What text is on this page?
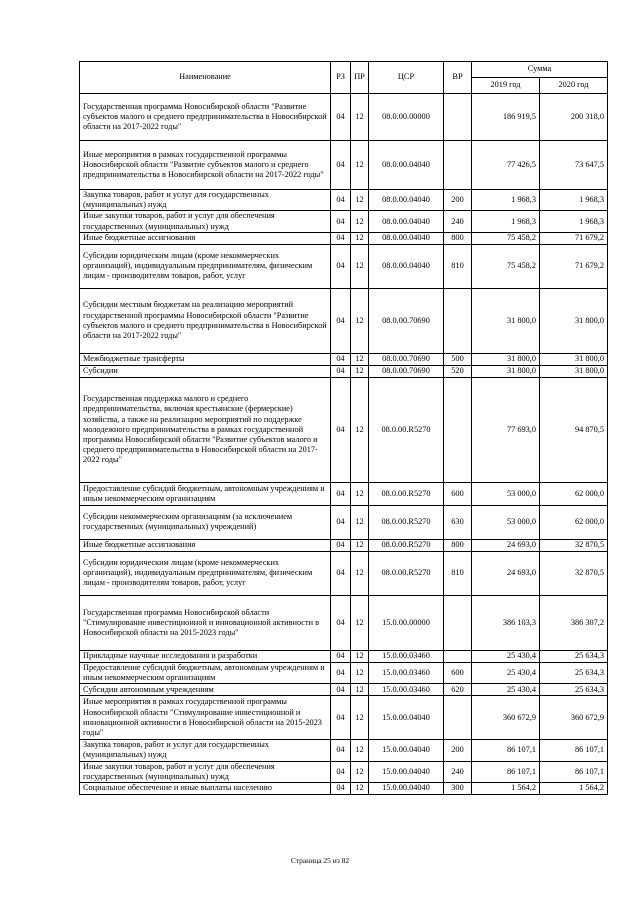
Наименование	РЗ	ПР	ЦСР	ВР	Сумма	
					2019 год	2020 год
Государственная программа Новосибирской области "Развитие субъектов малого и среднего предпринимательства в Новосибирской области на 2017-2022 годы"	04	12	08.0.00.00000		186 919,5	200 318,0
Иные мероприятия в рамках государственной программы Новосибирской области "Развитие субъектов малого и среднего предпринимательства в Новосибирской области на 2017-2022 годы"	04	12	08.0.00.04040		77 426,5	73 647,5
Закупка товаров, работ и услуг для государственных (муниципальных) нужд	04	12	08.0.00.04040	200	1 968,3	1 968,3
Иные закупки товаров, работ и услуг для обеспечения государственных (муниципальных) нужд	04	12	08.0.00.04040	240	1 968,3	1 968,3
Иные бюджетные ассигнования	04	12	08.0.00.04040	800	75 458,2	71 679,2
Субсидии юридическим лицам (кроме некоммерческих организаций), индивидуальным предпринимателям, физическим лицам - производителям товаров, работ, услуг	04	12	08.0.00.04040	810	75 458,2	71 679,2
Субсидии местным бюджетам на реализацию мероприятий государственной программы Новосибирской области "Развитие субъектов малого и среднего предпринимательства в Новосибирской области на 2017-2022 годы"	04	12	08.0.00.70690		31 800,0	31 800,0
Межбюджетные трансферты	04	12	08.0.00.70690	500	31 800,0	31 800,0
Субсидии	04	12	08.0.00.70690	520	31 800,0	31 800,0
Государственная поддержка малого и среднего предпринимательства, включая крестьянские (фермерские) хозяйства, а также на реализацию мероприятий по поддержке молодежного предпринимательства в рамках государственной программы Новосибирской области "Развитие субъектов малого и среднего предпринимательства в Новосибирской области на 2017-2022 годы"	04	12	08.0.00.R5270		77 693,0	94 870,5
Предоставление субсидий бюджетным, автономным учреждениям и иным некоммерческим организациям	04	12	08.0.00.R5270	600	53 000,0	62 000,0
Субсидии некоммерческим организациям (за исключением государственных (муниципальных) учреждений)	04	12	08.0.00.R5270	630	53 000,0	62 000,0
Иные бюджетные ассигнования	04	12	08.0.00.R5270	800	24 693,0	32 870,5
Субсидии юридическим лицам (кроме некоммерческих организаций), индивидуальным предпринимателям, физическим лицам - производителям товаров, работ, услуг	04	12	08.0.00.R5270	810	24 693,0	32 870,5
Государственная программа Новосибирской области "Стимулирование инвестиционной и инновационной активности в Новосибирской области на 2015-2023 годы"	04	12	15.0.00.00000		386 103,3	386 307,2
Прикладные научные исследования и разработки	04	12	15.0.00.03460		25 430,4	25 634,3
Предоставление субсидий бюджетным, автономным учреждениям и иным некоммерческим организациям	04	12	15.0.00.03460	600	25 430,4	25 634,3
Субсидии автономным учреждениям	04	12	15.0.00.03460	620	25 430,4	25 634,3
Иные мероприятия в рамках государственной программы Новосибирской области "Стимулирование инвестиционной и инновационной активности в Новосибирской области на 2015-2023 годы"	04	12	15.0.00.04040		360 672,9	360 672,9
Закупка товаров, работ и услуг для государственных (муниципальных) нужд	04	12	15.0.00.04040	200	86 107,1	86 107,1
Иные закупки товаров, работ и услуг для обеспечения государственных (муниципальных) нужд	04	12	15.0.00.04040	240	86 107,1	86 107,1
Социальное обеспечение и иные выплаты населению	04	12	15.0.00.04040	300	1 564,2	1 564,2
Страница 25 из 82
